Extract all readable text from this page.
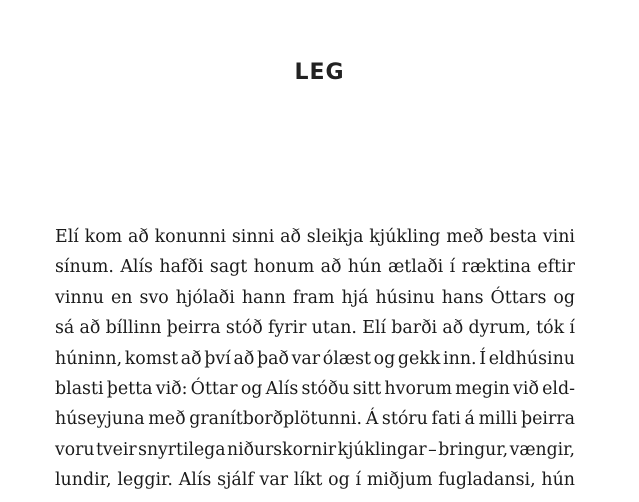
LEG
Elí kom að konunni sinni að sleikja kjúkling með besta vini
sínum. Alís hafði sagt honum að hún ætlaði í ræktina eftir
vinnu en svo hjólaði hann fram hjá húsinu hans Óttars og
sá að bíllinn þeirra stóð fyrir utan. Elí barði að dyrum, tók í
húninn, komst að því að það var ólæst og gekk inn. Í eldhúsinu
blasti þetta við: Óttar og Alís stóðu sitt hvorum megin við eld-
húseyjuna með granítborðplötunni. Á stóru fati á milli þeirra
voru tveir snyrtilega niðurskornir kjúklingar – bringur, vængir,
lundir, leggir. Alís sjálf var líkt og í miðjum fugladansi, hún
